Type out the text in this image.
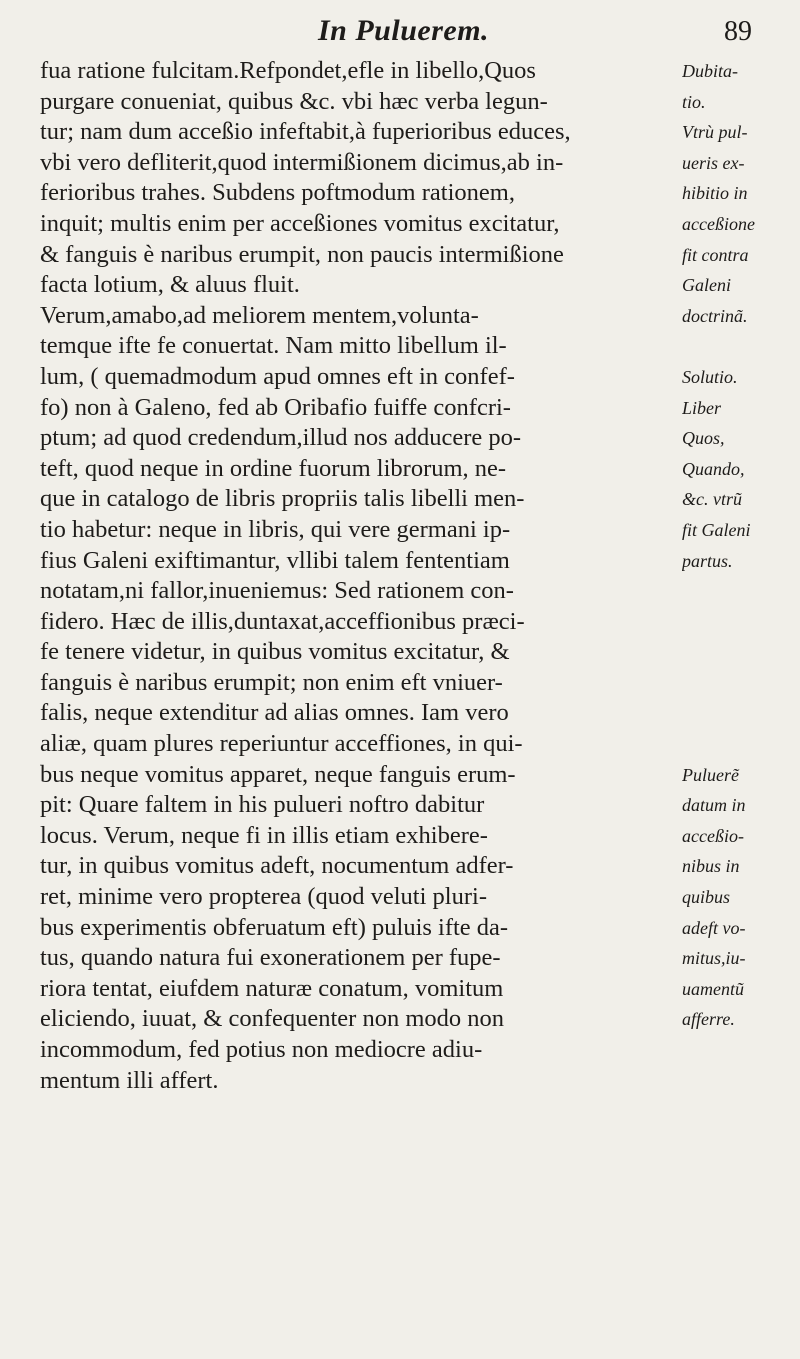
In Puluerem.	89
fua ratione fulcitam.Refpondet,efle in libello,Quos
purgare conueniat, quibus &c. vbi hæc verba legun-
tur; nam dum acceßio infeftabit,à fuperioribus educes,
vbi vero defliterit,quod intermißionem dicimus,ab in-
ferioribus trahes. Subdens poftmodum rationem,
inquit; multis enim per acceßiones vomitus excitatur,
& fanguis è naribus erumpit, non paucis intermißione
facta lotium, & aluus fluit.
Verum,amabo,ad meliorem mentem,volunta-
temque ifte fe conuertat. Nam mitto libellum il-
lum, ( quemadmodum apud omnes eft in confef-
fo) non à Galeno, fed ab Oribafio fuiffe confcri-
ptum; ad quod credendum,illud nos adducere po-
teft, quod neque in ordine fuorum librorum, ne-
que in catalogo de libris propriis talis libelli men-
tio habetur: neque in libris, qui vere germani ip-
fius Galeni exiftimantur, vllibi talem fententiam
notatam,ni fallor,inueniemus: Sed rationem con-
fidero. Hæc de illis,duntaxat,acceffionibus præci-
fe tenere videtur, in quibus vomitus excitatur, &
fanguis è naribus erumpit; non enim eft vniuer-
falis, neque extenditur ad alias omnes. Iam vero
aliæ, quam plures reperiuntur acceffiones, in qui-
bus neque vomitus apparet, neque fanguis erum-
pit: Quare faltem in his pulueri noftro dabitur
locus. Verum, neque fi in illis etiam exhibere-
tur, in quibus vomitus adeft, nocumentum adfer-
ret, minime vero propterea (quod veluti pluri-
bus experimentis obferuatum eft) puluis ifte da-
tus, quando natura fui exonerationem per fupe-
riora tentat, eiufdem naturæ conatum, vomitum
eliciendo, iuuat, & confequenter non modo non
incommodum, fed potius non mediocre adiu-
mentum illi affert.
Dubita-
tio.
Vtrù pul-
ueris ex-
hibitio in
acceßione
fit contra
Galeni
doctrinã.
Solutio.
Liber
Quos,
Quando,
&c. vtrũ
fit Galeni
partus.
Puluerẽ
datum in
acceßio-
nibus in
quibus
adeft vo-
mitus,iu-
uamentũ
afferre.
